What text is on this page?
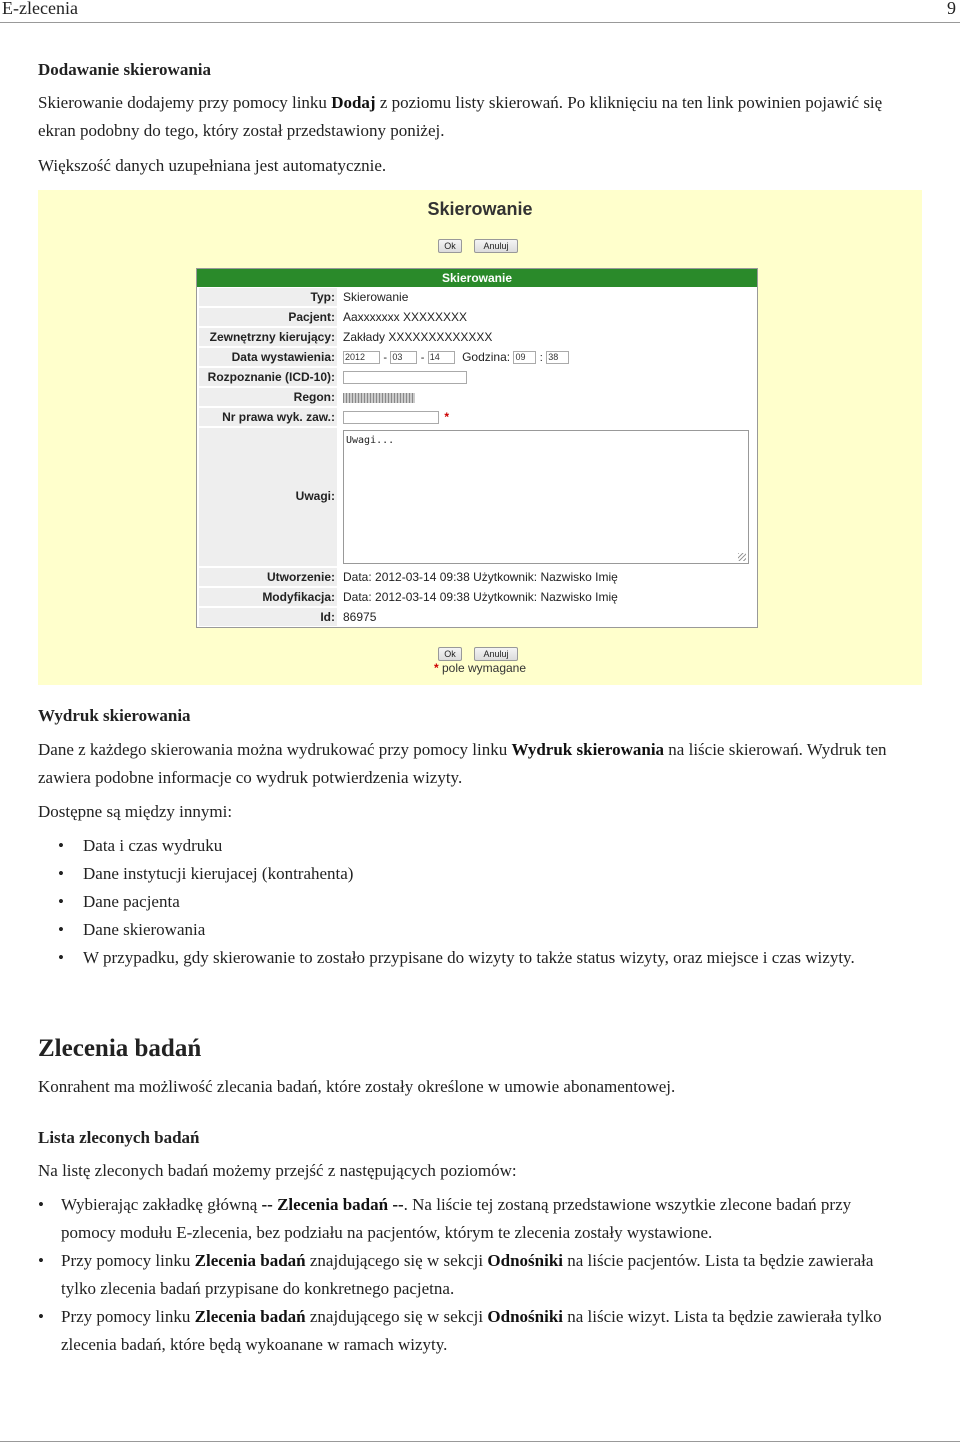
E-zlecenia	9
Dodawanie skierowania
Skierowanie dodajemy przy pomocy linku Dodaj z poziomu listy skierowań. Po kliknięciu na ten link powinien pojawić się ekran podobny do tego, który został przedstawiony poniżej.
Większość danych uzupełniana jest automatycznie.
Skierowanie
Ok	Anuluj
Skierowanie
Typ: Skierowanie
Pacjent: Aaxxxxxxx XXXXXXXX
Zewnętrzny kierujący: Zakłady XXXXXXXXXXXXX
Data wystawienia:	2012 - 03 - 14 Godzina: 09 : 38
Rozpoznanie (ICD-10):
Regon:
Nr prawa wyk. zaw.:	*
Uwagi:
Uwagi...
Utworzenie: Data: 2012-03-14 09:38 Użytkownik: Nazwisko Imię
Modyfikacja: Data: 2012-03-14 09:38 Użytkownik: Nazwisko Imię
Id: 86975
Ok	Anuluj
* pole wymagane
Wydruk skierowania
Dane z każdego skierowania można wydrukować przy pomocy linku Wydruk skierowania na liście skierowań. Wydruk ten zawiera podobne informacje co wydruk potwierdzenia wizyty.
Dostępne są między innymi:
• Data i czas wydruku
• Dane instytucji kierujacej (kontrahenta)
• Dane pacjenta
• Dane skierowania
• W przypadku, gdy skierowanie to zostało przypisane do wizyty to także status wizyty, oraz miejsce i czas wizyty.
Zlecenia badań
Konrahent ma możliwość zlecania badań, które zostały określone w umowie abonamentowej.
Lista zleconych badań
Na listę zleconych badań możemy przejść z następujących poziomów:
• Wybierając zakładkę główną -- Zlecenia badań --. Na liście tej zostaną przedstawione wszytkie zlecone badań przy pomocy modułu E-zlecenia, bez podziału na pacjentów, którym te zlecenia zostały wystawione.
• Przy pomocy linku Zlecenia badań znajdującego się w sekcji Odnośniki na liście pacjentów. Lista ta będzie zawierała tylko zlecenia badań przypisane do konkretnego pacjetna.
• Przy pomocy linku Zlecenia badań znajdującego się w sekcji Odnośniki na liście wizyt. Lista ta będzie zawierała tylko zlecenia badań, które będą wykoanane w ramach wizyty.
